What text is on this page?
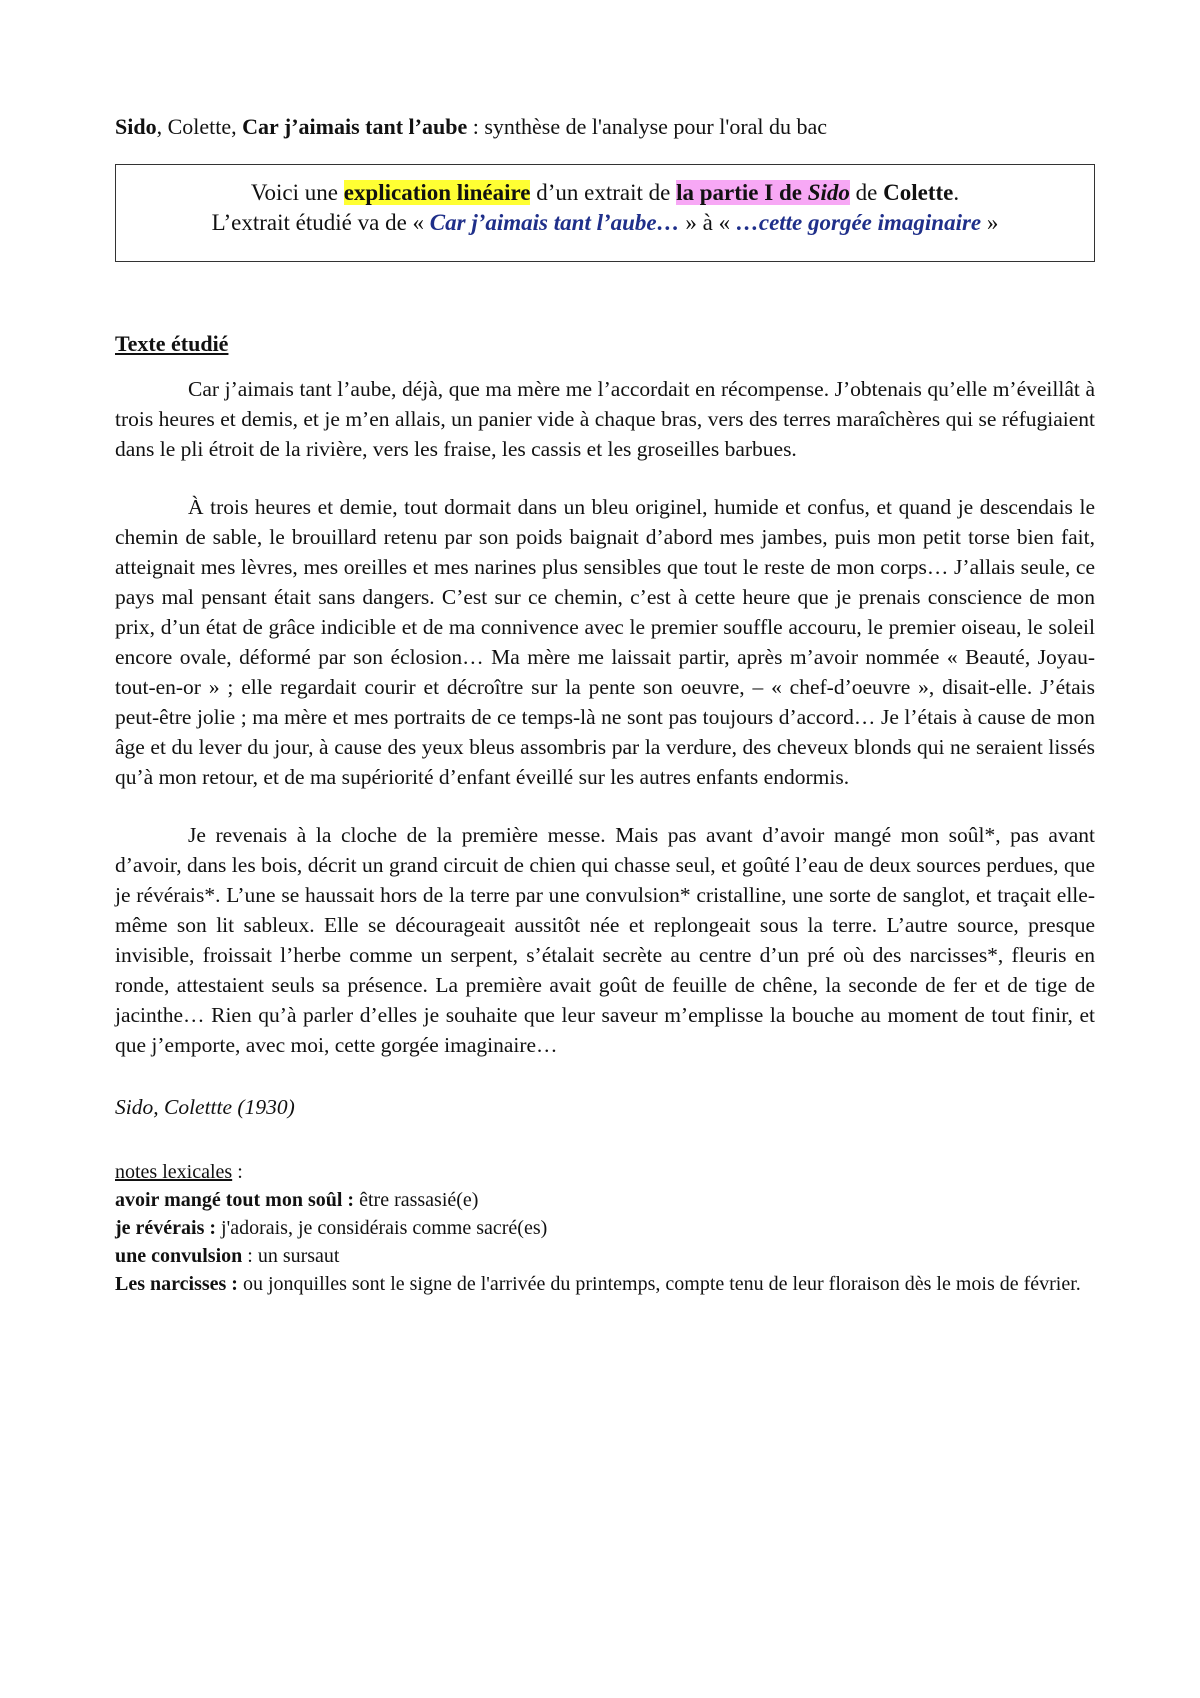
Sido, Colette, Car j’aimais tant l’aube : synthèse de l'analyse pour l'oral du bac

Voici une explication linéaire d’un extrait de la partie I de Sido de Colette.
L’extrait étudié va de « Car j’aimais tant l’aube… » à « …cette gorgée imaginaire »
Texte étudié

Car j’aimais tant l’aube, déjà, que ma mère me l’accordait en récompense. J’obtenais qu’elle m’éveillât à trois heures et demis, et je m’en allais, un panier vide à chaque bras, vers des terres maraîchères qui se réfugiaient dans le pli étroit de la rivière, vers les fraise, les cassis et les groseilles barbues.

À trois heures et demie, tout dormait dans un bleu originel, humide et confus, et quand je descendais le chemin de sable, le brouillard retenu par son poids baignait d’abord mes jambes, puis mon petit torse bien fait, atteignait mes lèvres, mes oreilles et mes narines plus sensibles que tout le reste de mon corps… J’allais seule, ce pays mal pensant était sans dangers. C’est sur ce chemin, c’est à cette heure que je prenais conscience de mon prix, d’un état de grâce indicible et de ma connivence avec le premier souffle accouru, le premier oiseau, le soleil encore ovale, déformé par son éclosion… Ma mère me laissait partir, après m’avoir nommée « Beauté, Joyau-tout-en-or » ; elle regardait courir et décroître sur la pente son oeuvre, – « chef-d’oeuvre », disait-elle. J’étais peut-être jolie ; ma mère et mes portraits de ce temps-là ne sont pas toujours d’accord… Je l’étais à cause de mon âge et du lever du jour, à cause des yeux bleus assombris par la verdure, des cheveux blonds qui ne seraient lissés qu’à mon retour, et de ma supériorité d’enfant éveillé sur les autres enfants endormis.

Je revenais à la cloche de la première messe. Mais pas avant d’avoir mangé mon soûl*, pas avant d’avoir, dans les bois, décrit un grand circuit de chien qui chasse seul, et goûté l’eau de deux sources perdues, que je révérais*. L’une se haussait hors de la terre par une convulsion* cristalline, une sorte de sanglot, et traçait elle-même son lit sableux. Elle se décourageait aussitôt née et replongeait sous la terre. L’autre source, presque invisible, froissait l’herbe comme un serpent, s’étalait secrète au centre d’un pré où des narcisses*, fleuris en ronde, attestaient seuls sa présence. La première avait goût de feuille de chêne, la seconde de fer et de tige de jacinthe… Rien qu’à parler d’elles je souhaite que leur saveur m’emplisse la bouche au moment de tout finir, et que j’emporte, avec moi, cette gorgée imaginaire…

Sido, Colettte (1930)
notes lexicales :
avoir mangé tout mon soûl : être rassasié(e)
je révérais : j'adorais, je considérais comme sacré(es)
une convulsion : un sursaut
Les narcisses : ou jonquilles sont le signe de l'arrivée du printemps, compte tenu de leur floraison dès le mois de février.
